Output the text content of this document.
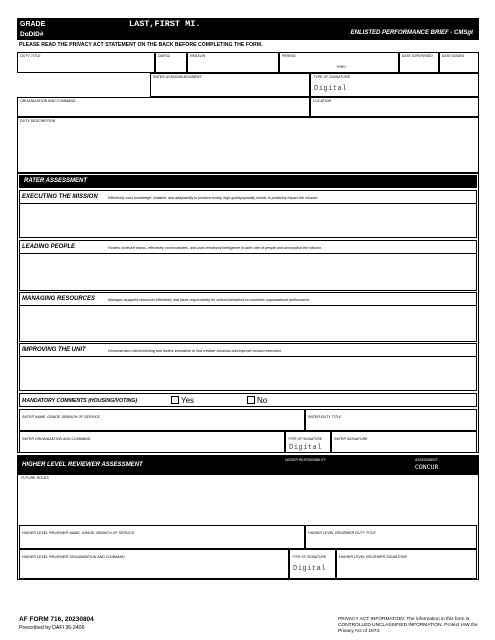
GRADE
DoDID#
LAST,FIRST MI.
ENLISTED PERFORMANCE BRIEF - CMSgt
PLEASE READ THE PRIVACY ACT STATEMENT ON THE BACK BEFORE COMPLETING THE FORM.
DUTY TITLE	DAFSC	REASON	PERIOD
THRU
DATE SUPERVISED	DATE SIGNED
RATEE ACKNOWLEDGMENT	TYPE OF SIGNATURE
Digital
ORGANIZATION AND COMMAND	LOCATION
DUTY DESCRIPTION
RATER ASSESSMENT
EXECUTING THE MISSION	Effectively uses knowledge, initiative, and adaptability to produce timely, high quality/quantity results to positively impact the mission.
LEADING PEOPLE	Fosters cohesive teams, effectively communicates, and uses emotional intelligence to take care of people and accomplish the mission.
MANAGING RESOURCES	Manages assigned resources effectively and takes responsibility for actions/behaviors to maximize organizational performance.
IMPROVING THE UNIT	Demonstrates critical thinking and fosters innovation to find creative solutions and improve mission execution.
MANDATORY COMMENTS (HOUSING/VOTING)	Yes	No
RATER NAME, GRADE, BRANCH OF SERVICE	RATER DUTY TITLE
RATER ORGANIZATION AND COMMAND	TYPE OF SIGNATURE
Digital
RATER SIGNATURE
HIGHER LEVEL REVIEWER ASSESSMENT
HIGHER RESPONSIBILITY	ASSESSMENT
CONCUR
FUTURE ROLES
HIGHER LEVEL REVIEWER NAME, GRADE, BRANCH OF SERVICE	HIGHER LEVEL REVIEWER DUTY TITLE
HIGHER LEVEL REVIEWER ORGANIZATION AND COMMAND	TYPE OF SIGNATURE
Digital
HIGHER LEVEL REVIEWER SIGNATURE
AF FORM 716, 20230804
Prescribed by DAFI 36-2406
PRIVACY ACT INFORMATION: The information in this form is
CONTROLLED UNCLASSIFIED INFORMATION. Protect IAW the
Privacy Act of 1974.
